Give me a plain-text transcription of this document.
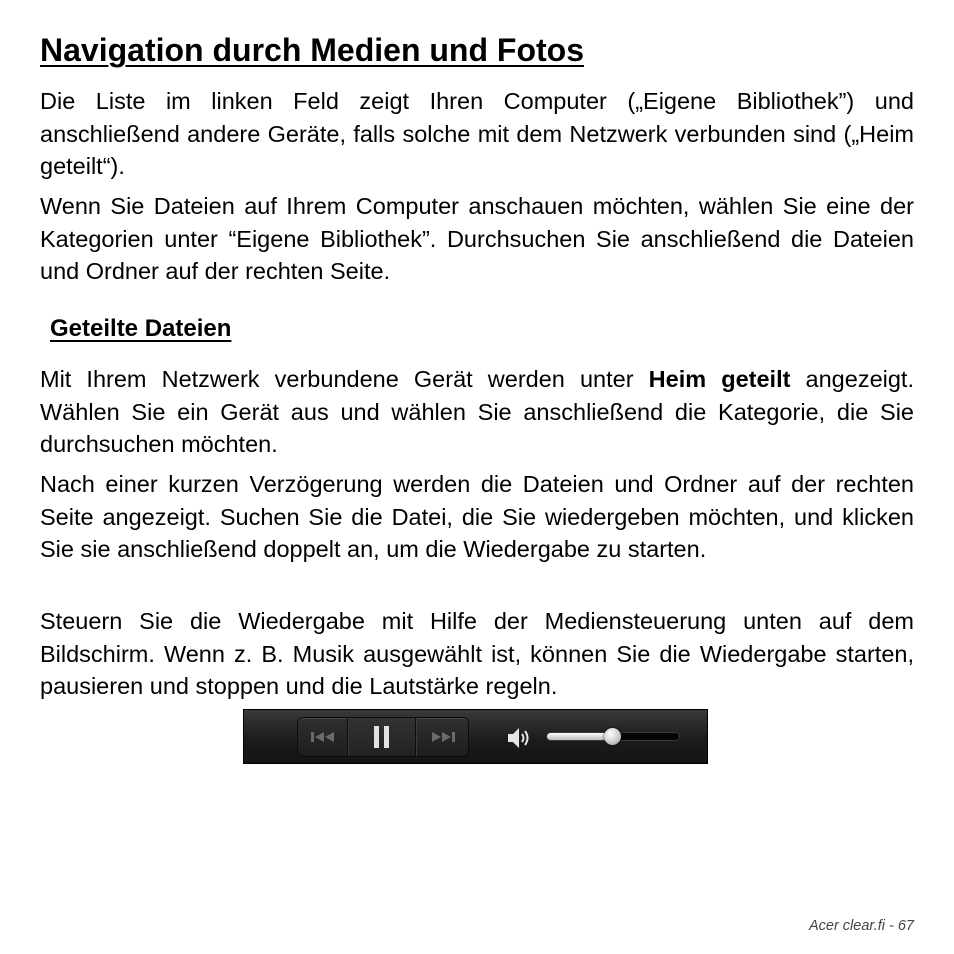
Navigation durch Medien und Fotos

Die Liste im linken Feld zeigt Ihren Computer („Eigene Bibliothek”) und anschließend andere Geräte, falls solche mit dem Netzwerk verbunden sind („Heim geteilt“).

Wenn Sie Dateien auf Ihrem Computer anschauen möchten, wählen Sie eine der Kategorien unter “Eigene Bibliothek”. Durchsuchen Sie anschließend die Dateien und Ordner auf der rechten Seite.

Geteilte Dateien

Mit Ihrem Netzwerk verbundene Gerät werden unter Heim geteilt angezeigt. Wählen Sie ein Gerät aus und wählen Sie anschließend die Kategorie, die Sie durchsuchen möchten.

Nach einer kurzen Verzögerung werden die Dateien und Ordner auf der rechten Seite angezeigt. Suchen Sie die Datei, die Sie wiedergeben möchten, und klicken Sie sie anschließend doppelt an, um die Wiedergabe zu starten.

Steuern Sie die Wiedergabe mit Hilfe der Mediensteuerung unten auf dem Bildschirm. Wenn z. B. Musik ausgewählt ist, können Sie die Wiedergabe starten, pausieren und stoppen und die Lautstärke regeln.

Acer clear.fi - 67
